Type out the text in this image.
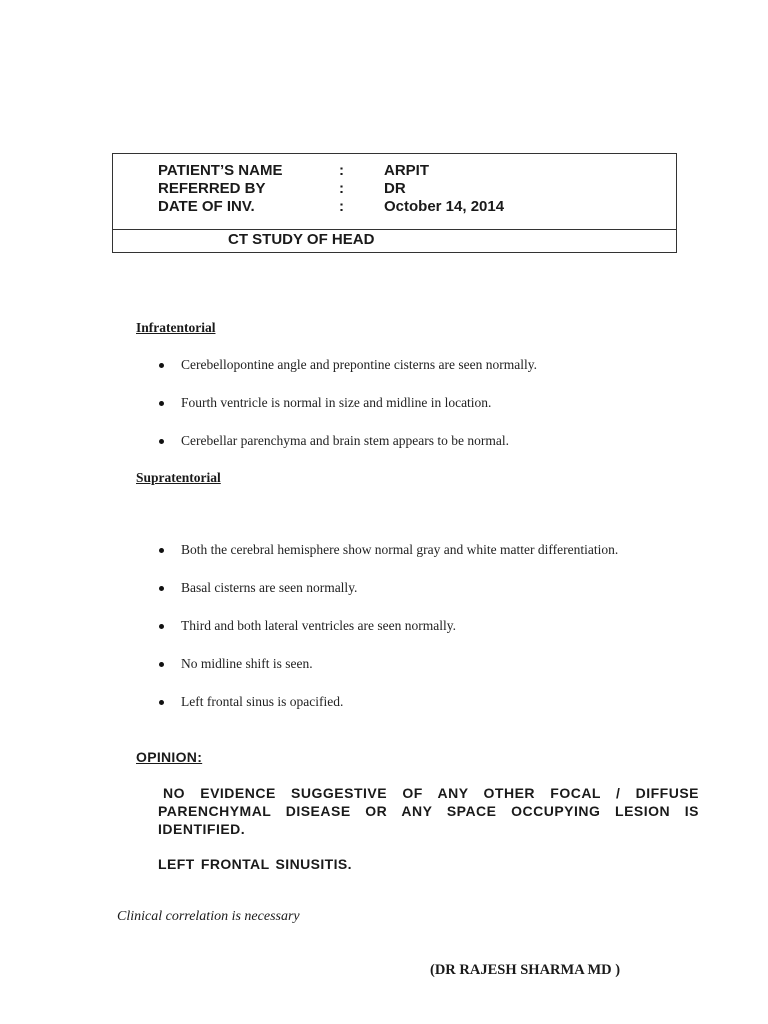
PATIENT’S NAME	:	ARPIT
REFERRED BY	:	DR
DATE OF INV.	:	October 14, 2014
CT STUDY OF HEAD
Infratentorial
Cerebellopontine angle and prepontine cisterns are seen normally.
Fourth ventricle is normal in size and midline in location.
Cerebellar parenchyma and brain stem appears to be normal.
Supratentorial
Both the cerebral hemisphere show normal gray and white matter differentiation.
Basal cisterns are seen normally.
Third and both lateral ventricles are seen normally.
No midline shift is seen.
Left frontal sinus is opacified.
OPINION:

NO EVIDENCE SUGGESTIVE OF ANY OTHER FOCAL / DIFFUSE PARENCHYMAL DISEASE OR ANY SPACE OCCUPYING LESION IS IDENTIFIED.

LEFT FRONTAL SINUSITIS.
Clinical correlation is necessary
(DR RAJESH SHARMA MD )
